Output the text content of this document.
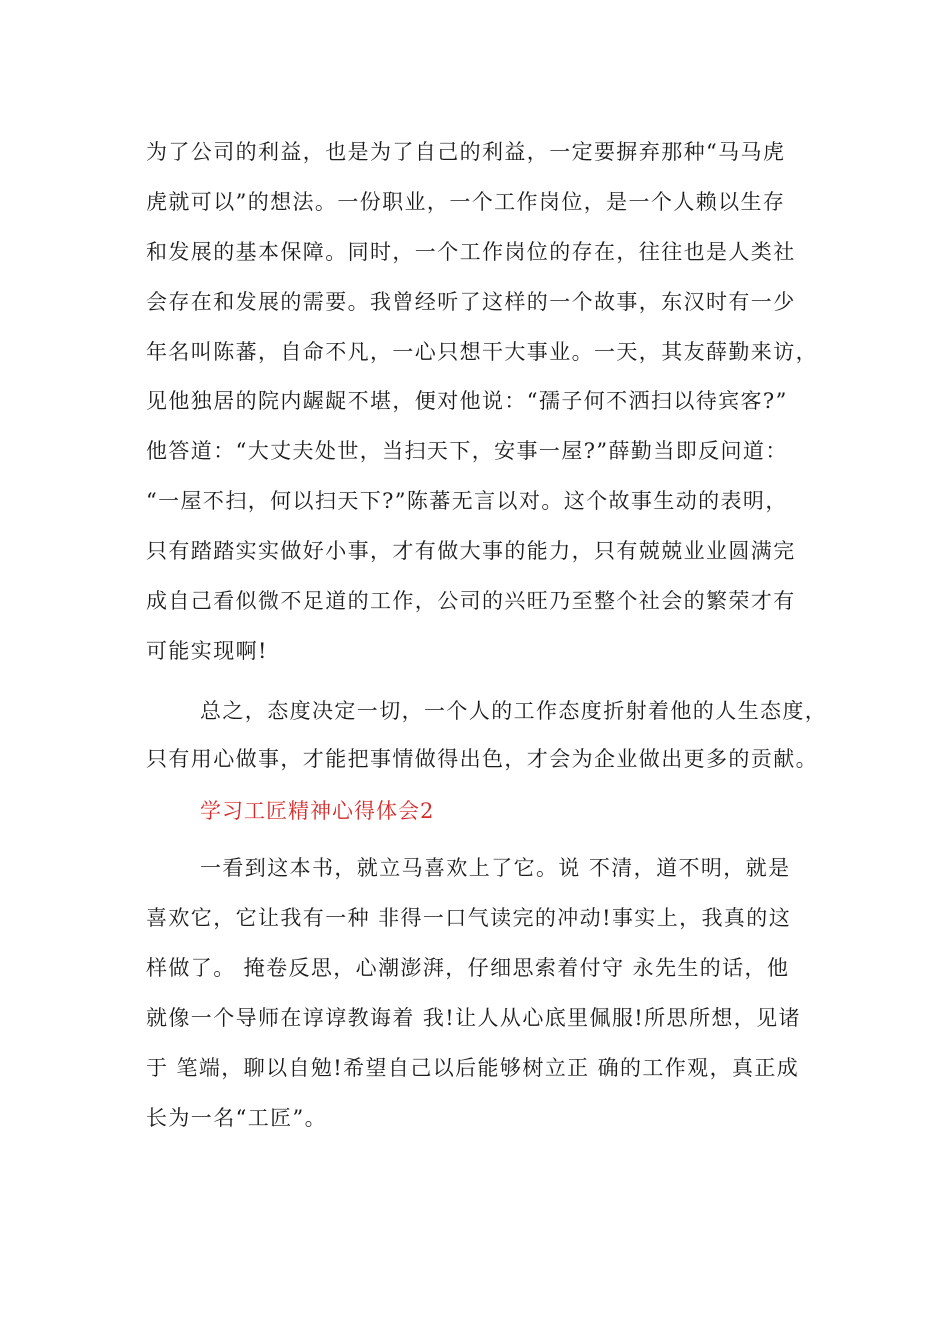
为了公司的利益，也是为了自己的利益，一定要摒弃那种“马马虎
虎就可以”的想法。一份职业，一个工作岗位，是一个人赖以生存
和发展的基本保障。同时，一个工作岗位的存在，往往也是人类社
会存在和发展的需要。我曾经听了这样的一个故事，东汉时有一少
年名叫陈蕃，自命不凡，一心只想干大事业。一天，其友薛勤来访，
见他独居的院内龌龊不堪，便对他说：“孺子何不洒扫以待宾客?”
他答道：“大丈夫处世，当扫天下，安事一屋?”薛勤当即反问道：
“一屋不扫，何以扫天下?”陈蕃无言以对。这个故事生动的表明，
只有踏踏实实做好小事，才有做大事的能力，只有兢兢业业圆满完
成自己看似微不足道的工作，公司的兴旺乃至整个社会的繁荣才有
可能实现啊!
总之，态度决定一切，一个人的工作态度折射着他的人生态度，
只有用心做事，才能把事情做得出色，才会为企业做出更多的贡献。
学习工匠精神心得体会2
一看到这本书，就立马喜欢上了它。说 不清，道不明，就是
喜欢它，它让我有一种 非得一口气读完的冲动!事实上，我真的这
样做了。 掩卷反思，心潮澎湃，仔细思索着付守 永先生的话，他
就像一个导师在谆谆教诲着 我!让人从心底里佩服!所思所想，见诸
于 笔端，聊以自勉!希望自己以后能够树立正 确的工作观，真正成
长为一名“工匠”。
